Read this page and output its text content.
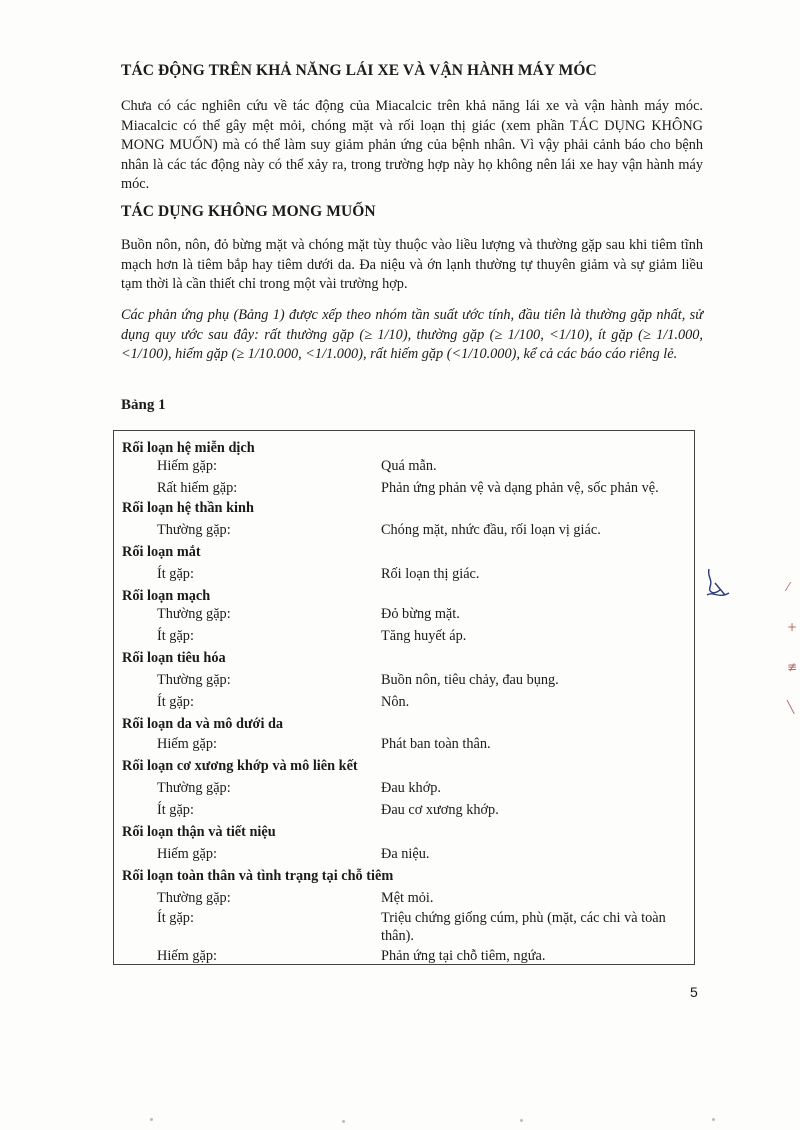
TÁC ĐỘNG TRÊN KHẢ NĂNG LÁI XE VÀ VẬN HÀNH MÁY MÓC

Chưa có các nghiên cứu về tác động của Miacalcic trên khả năng lái xe và vận hành máy móc. Miacalcic có thể gây mệt mỏi, chóng mặt và rối loạn thị giác (xem phần TÁC DỤNG KHÔNG MONG MUỐN) mà có thể làm suy giảm phản ứng của bệnh nhân. Vì vậy phải cảnh báo cho bệnh nhân là các tác động này có thể xảy ra, trong trường hợp này họ không nên lái xe hay vận hành máy móc.

TÁC DỤNG KHÔNG MONG MUỐN

Buồn nôn, nôn, đỏ bừng mặt và chóng mặt tùy thuộc vào liều lượng và thường gặp sau khi tiêm tĩnh mạch hơn là tiêm bắp hay tiêm dưới da. Đa niệu và ớn lạnh thường tự thuyên giảm và sự giảm liều tạm thời là cần thiết chỉ trong một vài trường hợp.

Các phản ứng phụ (Bảng 1) được xếp theo nhóm tần suất ước tính, đầu tiên là thường gặp nhất, sử dụng quy ước sau đây: rất thường gặp (≥ 1/10), thường gặp (≥ 1/100, <1/10), ít gặp (≥ 1/1.000, <1/100), hiếm gặp (≥ 1/10.000, <1/1.000), rất hiếm gặp (<1/10.000), kể cả các báo cáo riêng lẻ.

Bảng 1

Rối loạn hệ miễn dịch
Hiếm gặp:	Quá mẫn.
Rất hiếm gặp:	Phản ứng phản vệ và dạng phản vệ, sốc phản vệ.
Rối loạn hệ thần kinh
Thường gặp:	Chóng mặt, nhức đầu, rối loạn vị giác.
Rối loạn mắt
Ít gặp:	Rối loạn thị giác.
Rối loạn mạch
Thường gặp:	Đỏ bừng mặt.
Ít gặp:	Tăng huyết áp.
Rối loạn tiêu hóa
Thường gặp:	Buồn nôn, tiêu chảy, đau bụng.
Ít gặp:	Nôn.
Rối loạn da và mô dưới da
Hiếm gặp:	Phát ban toàn thân.
Rối loạn cơ xương khớp và mô liên kết
Thường gặp:	Đau khớp.
Ít gặp:	Đau cơ xương khớp.
Rối loạn thận và tiết niệu
Hiếm gặp:	Đa niệu.
Rối loạn toàn thân và tình trạng tại chỗ tiêm
Thường gặp:	Mệt mỏi.
Ít gặp:	Triệu chứng giống cúm, phù (mặt, các chi và toàn thân).
Hiếm gặp:	Phản ứng tại chỗ tiêm, ngứa.

5

⁄
+
≢
╲
